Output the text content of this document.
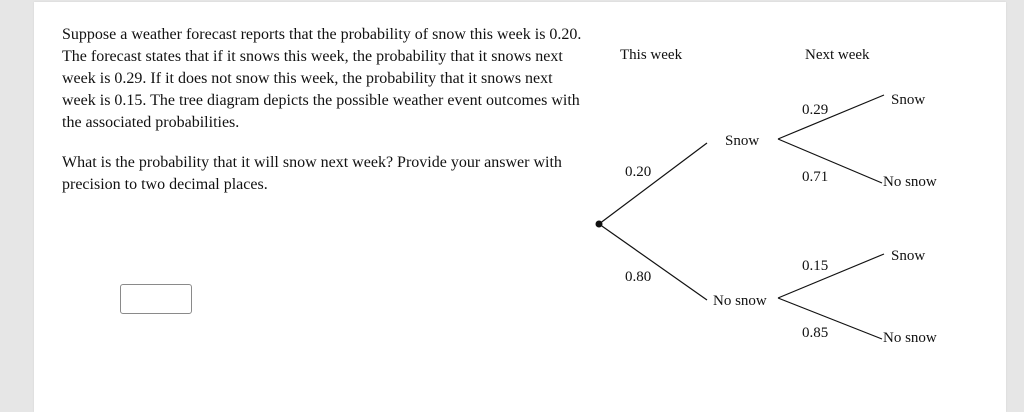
Suppose a weather forecast reports that the probability of snow this week is 0.20. The forecast states that if it snows this week, the probability that it snows next week is 0.29. If it does not snow this week, the probability that it snows next week is 0.15. The tree diagram depicts the possible weather event outcomes with the associated probabilities.

What is the probability that it will snow next week? Provide your answer with precision to two decimal places.

This week	Next week
0.20
0.80
Snow
No snow
0.29
0.71
0.15
0.85
Snow
No snow
Snow
No snow
